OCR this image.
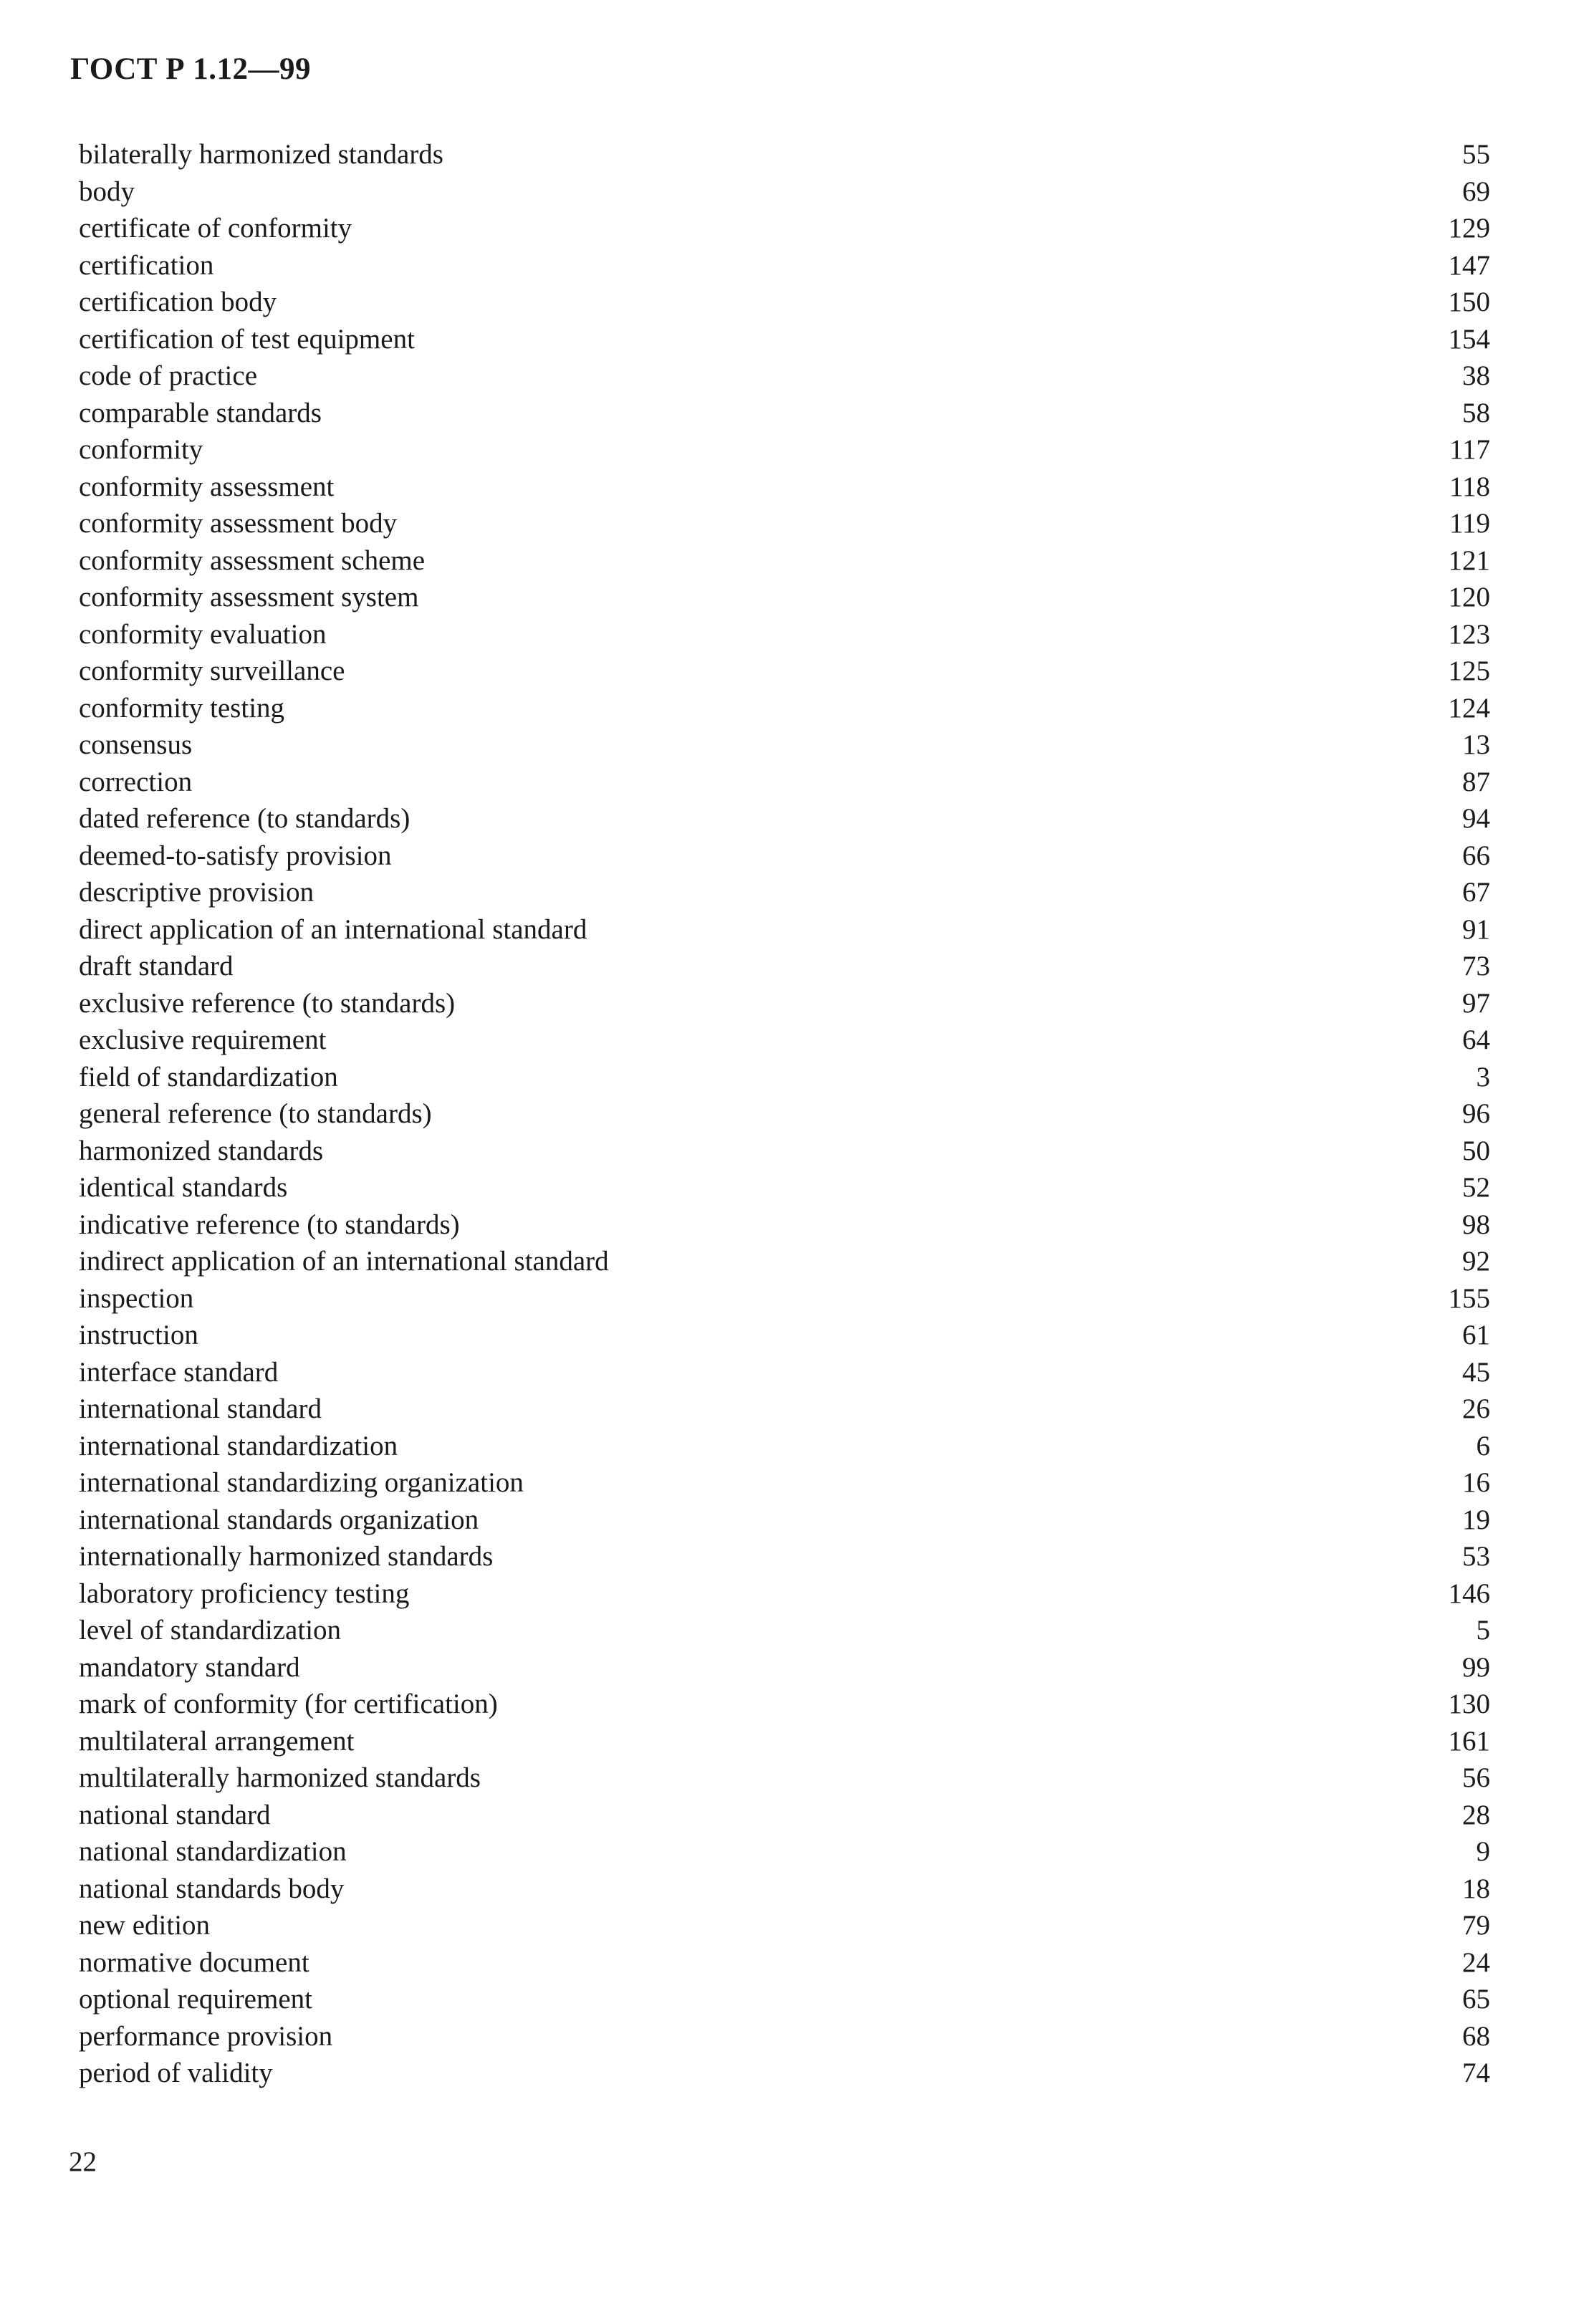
ГОСТ Р 1.12—99
bilaterally harmonized standards	55
body	69
certificate of conformity	129
certification	147
certification body	150
certification of test equipment	154
code of practice	38
comparable standards	58
conformity	117
conformity assessment	118
conformity assessment body	119
conformity assessment scheme	121
conformity assessment system	120
conformity evaluation	123
conformity surveillance	125
conformity testing	124
consensus	13
correction	87
dated reference (to standards)	94
deemed-to-satisfy provision	66
descriptive provision	67
direct application of an international standard	91
draft standard	73
exclusive reference (to standards)	97
exclusive requirement	64
field of standardization	3
general reference (to standards)	96
harmonized standards	50
identical standards	52
indicative reference (to standards)	98
indirect application of an international standard	92
inspection	155
instruction	61
interface standard	45
international standard	26
international standardization	6
international standardizing organization	16
international standards organization	19
internationally harmonized standards	53
laboratory proficiency testing	146
level of standardization	5
mandatory standard	99
mark of conformity (for certification)	130
multilateral arrangement	161
multilaterally harmonized standards	56
national standard	28
national standardization	9
national standards body	18
new edition	79
normative document	24
optional requirement	65
performance provision	68
period of validity	74
22
